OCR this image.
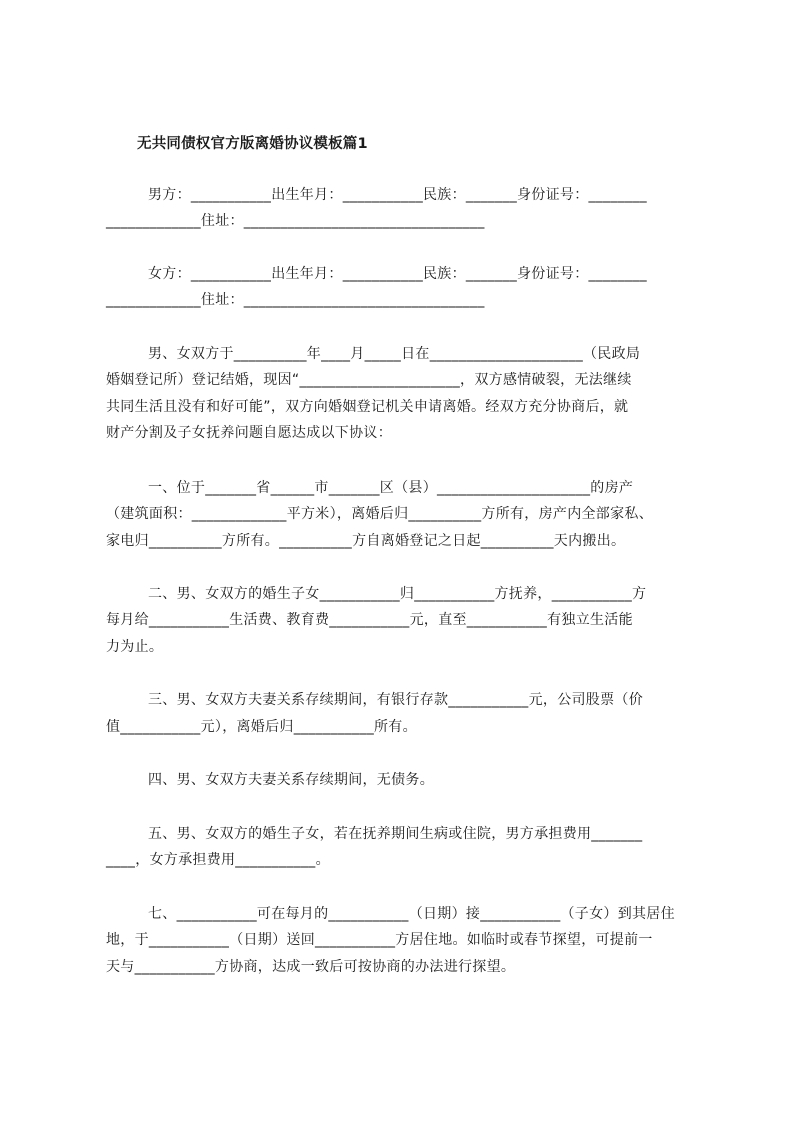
无共同债权官方版离婚协议模板篇1
男方：___________出生年月：___________民族：_______身份证号：________
_____________住址：_________________________________
女方：___________出生年月：___________民族：_______身份证号：________
_____________住址：_________________________________
男、女双方于__________年____月_____日在_____________________（民政局
婚姻登记所）登记结婚，现因“______________________，双方感情破裂，无法继续
共同生活且没有和好可能”，双方向婚姻登记机关申请离婚。经双方充分协商后，就
财产分割及子女抚养问题自愿达成以下协议：
一、位于_______省______市_______区（县）_____________________的房产
（建筑面积：_____________平方米），离婚后归__________方所有，房产内全部家私、
家电归__________方所有。__________方自离婚登记之日起__________天内搬出。
二、男、女双方的婚生子女___________归___________方抚养，___________方
每月给___________生活费、教育费___________元，直至___________有独立生活能
力为止。
三、男、女双方夫妻关系存续期间，有银行存款___________元，公司股票（价
值___________元），离婚后归___________所有。
四、男、女双方夫妻关系存续期间，无债务。
五、男、女双方的婚生子女，若在抚养期间生病或住院，男方承担费用_______
____，女方承担费用___________。
七、___________可在每月的___________（日期）接___________（子女）到其居住
地，于___________（日期）送回___________方居住地。如临时或春节探望，可提前一
天与___________方协商，达成一致后可按协商的办法进行探望。
